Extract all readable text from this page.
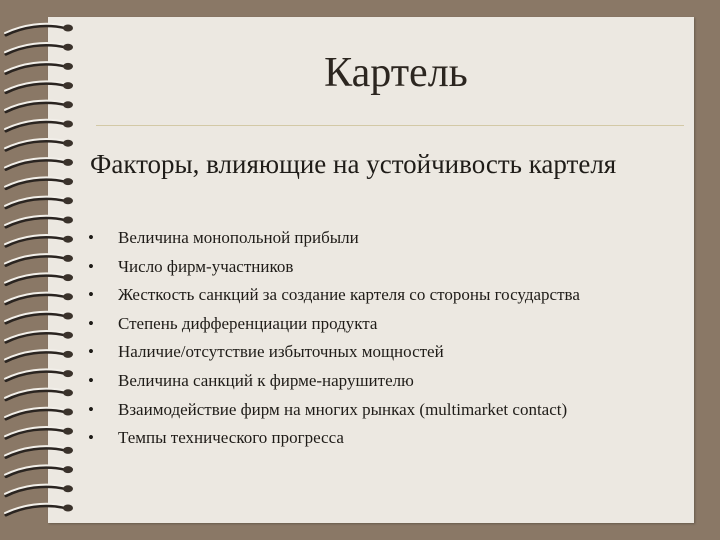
Картель
Факторы, влияющие на устойчивость картеля
• Величина монопольной прибыли
• Число фирм-участников
• Жесткость санкций за создание картеля со стороны государства
• Степень дифференциации продукта
• Наличие/отсутствие избыточных мощностей
• Величина санкций к фирме-нарушителю
• Взаимодействие фирм на многих рынках (multimarket contact)
• Темпы технического прогресса
